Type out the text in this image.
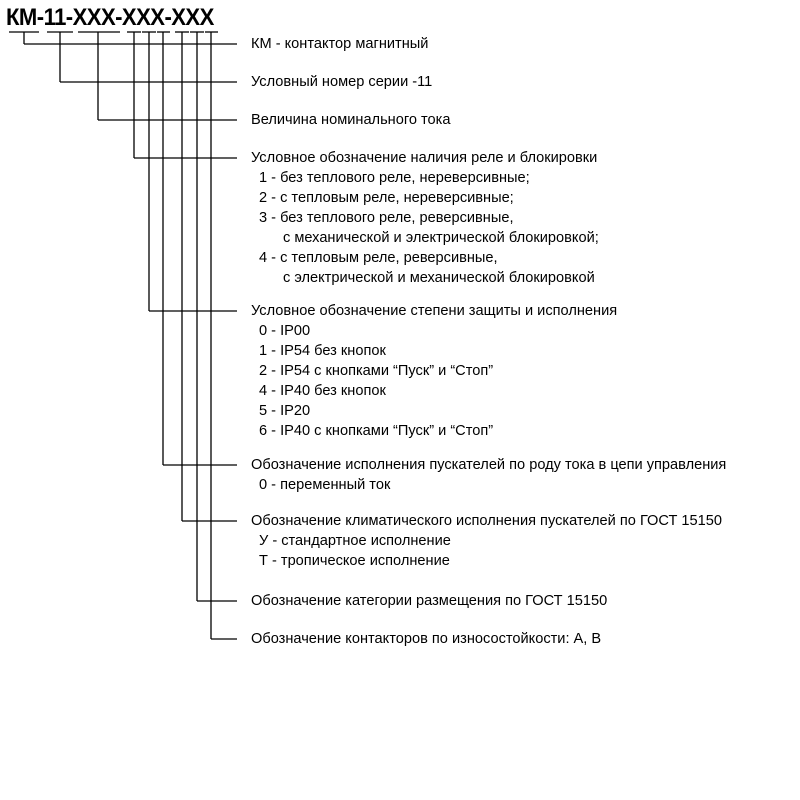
КМ-11-XXX-XXX-XXX
КМ - контактор магнитный
Условный номер серии -11
Величина номинального тока
Условное обозначение наличия реле и блокировки
1 - без теплового реле, нереверсивные;
2 - с тепловым реле, нереверсивные;
3 - без теплового реле, реверсивные,
с механической и электрической блокировкой;
4 - с тепловым реле, реверсивные,
с электрической и механической блокировкой
Условное обозначение степени защиты и исполнения
0 - IP00
1 - IP54 без кнопок
2 - IP54 с кнопками “Пуск” и “Стоп”
4 - IP40 без кнопок
5 - IP20
6 - IP40 с кнопками “Пуск” и “Стоп”
Обозначение исполнения пускателей по роду тока в цепи управления
0 - переменный ток
Обозначение климатического исполнения пускателей по ГОСТ 15150
У - стандартное исполнение
Т - тропическое исполнение
Обозначение категории размещения по ГОСТ 15150
Обозначение контакторов по износостойкости: А, В
